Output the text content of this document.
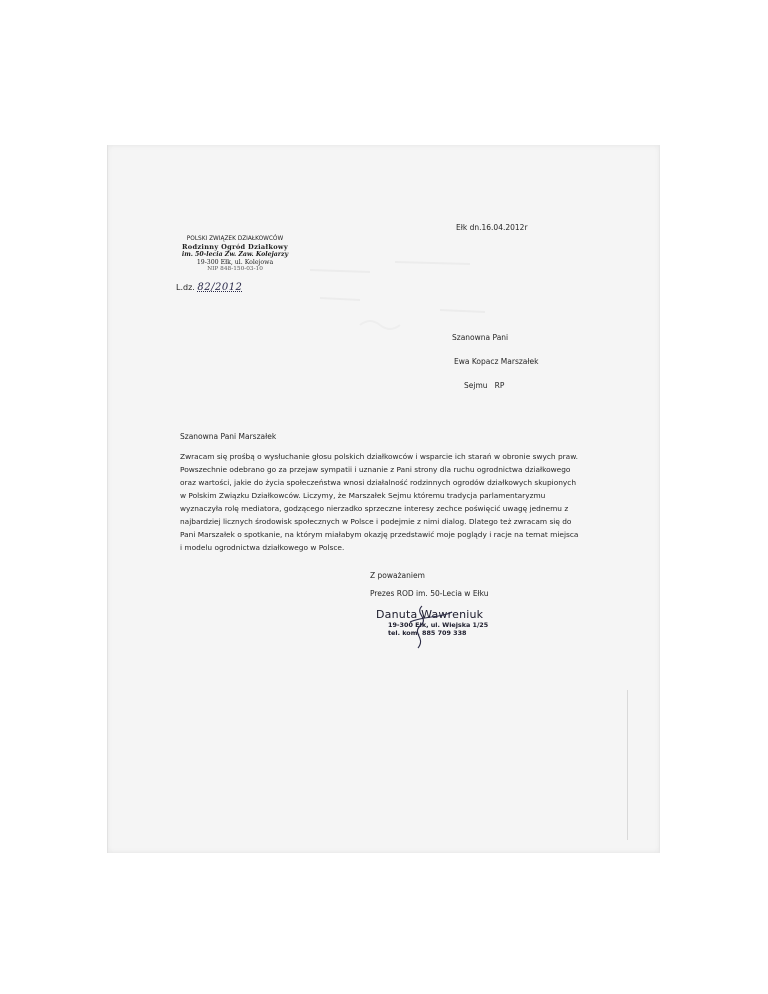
Ełk dn.16.04.2012r
POLSKI ZWIĄZEK DZIAŁKOWCÓW
Rodzinny Ogród Działkowy
im. 50-lecia Zw. Zaw. Kolejarzy
19-300 Ełk, ul. Kolejowa
NIP 848-150-03-10
L.dz. 82/2012
Szanowna Pani
Ewa Kopacz Marszałek
Sejmu   RP
Szanowna Pani Marszałek
Zwracam się prośbą o wysłuchanie głosu polskich działkowców i wsparcie ich starań w obronie swych praw. Powszechnie odebrano go za przejaw sympatii i uznanie z Pani strony dla ruchu ogrodnictwa działkowego oraz wartości, jakie do życia społeczeństwa wnosi działalność rodzinnych ogrodów działkowych skupionych w Polskim Związku Działkowców. Liczymy, że Marszałek Sejmu któremu tradycja parlamentaryzmu wyznaczyła rolę mediatora, godzącego nierzadko sprzeczne interesy zechce poświęcić uwagę jednemu z najbardziej licznych środowisk społecznych w Polsce i podejmie z nimi dialog. Dlatego też zwracam się do Pani Marszałek o spotkanie, na którym miałabym okazję przedstawić moje poglądy i racje na temat miejsca i modelu ogrodnictwa działkowego w Polsce.
Z poważaniem
Prezes ROD im. 50-Lecia w Ełku
Danuta Wawreniuk
19-300 Ełk, ul. Wiejska 1/25
tel. kom. 885 709 338
